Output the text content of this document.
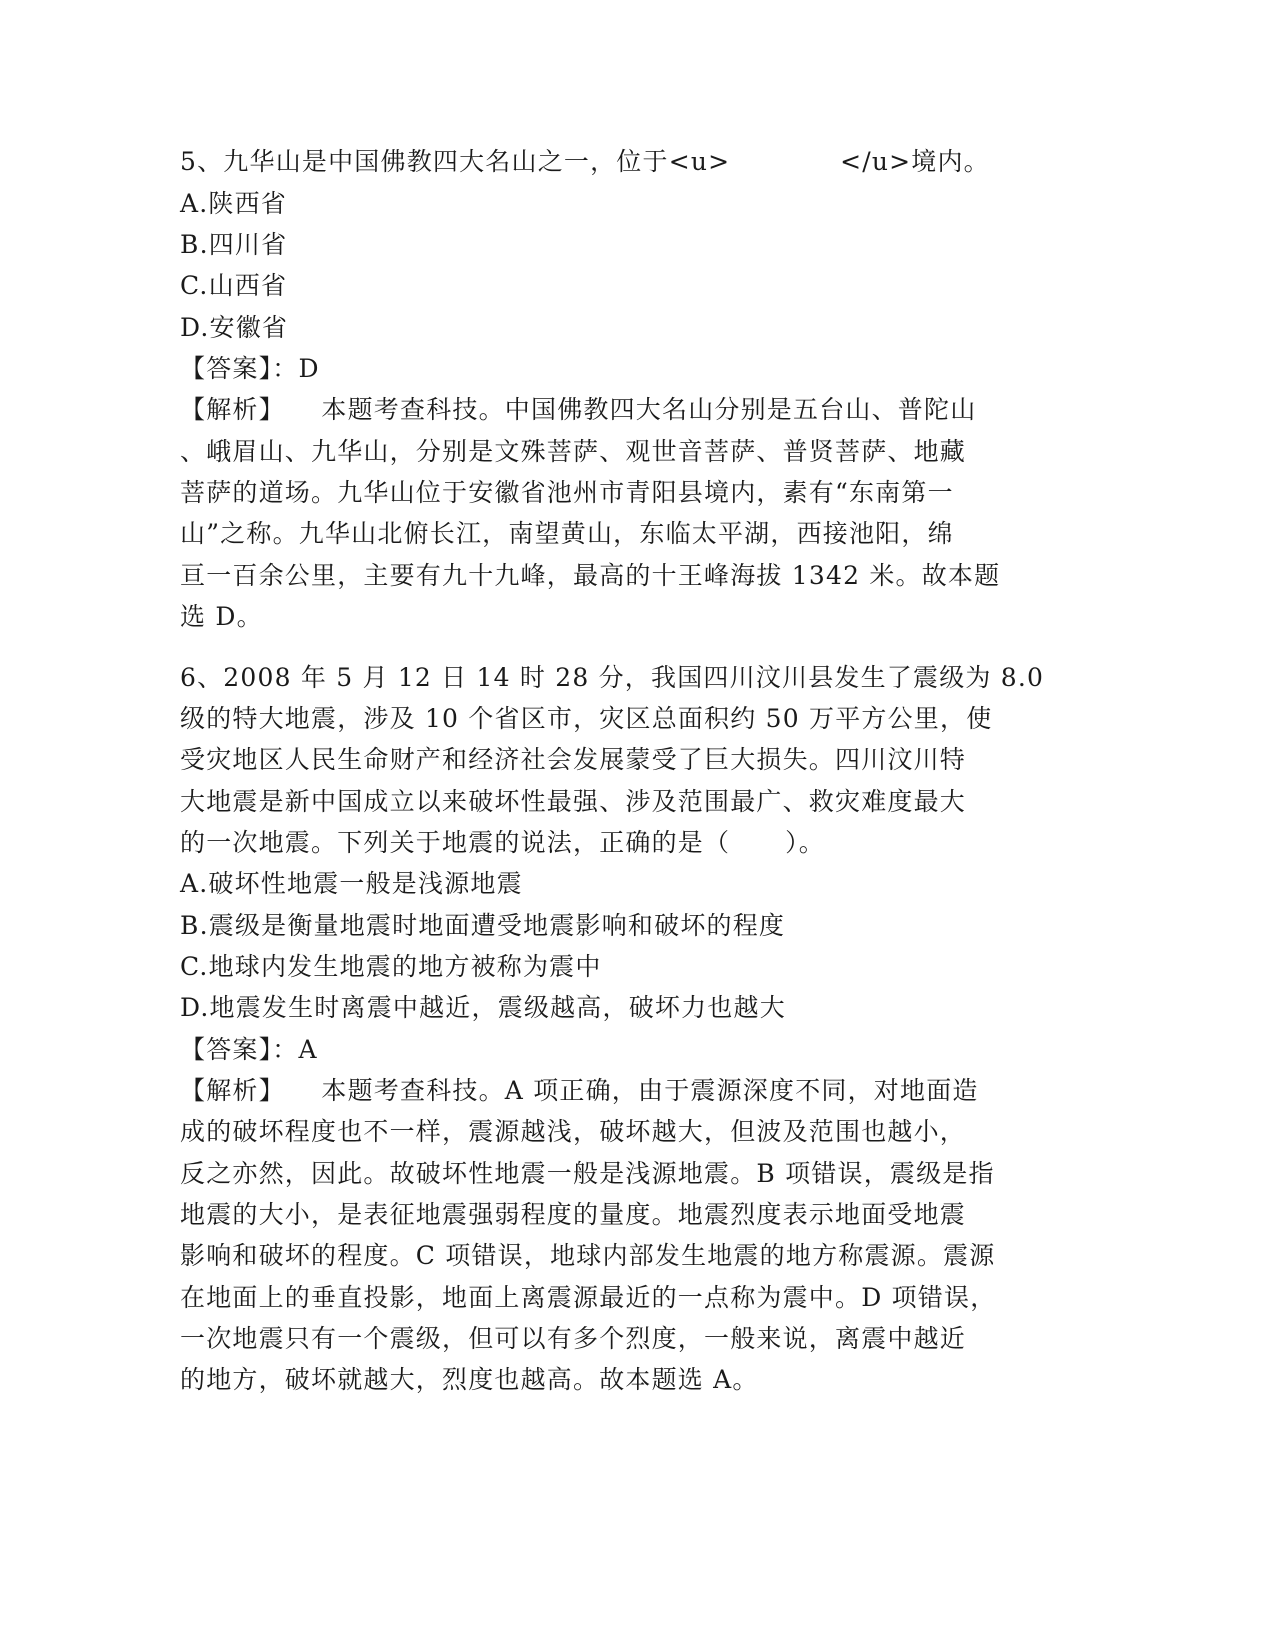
5、九华山是中国佛教四大名山之一，位于<u>            </u>境内。
A.陕西省
B.四川省
C.山西省
D.安徽省
【答案】：D
【解析】    本题考查科技。中国佛教四大名山分别是五台山、普陀山
、峨眉山、九华山，分别是文殊菩萨、观世音菩萨、普贤菩萨、地藏
菩萨的道场。九华山位于安徽省池州市青阳县境内，素有“东南第一
山”之称。九华山北俯长江，南望黄山，东临太平湖，西接池阳，绵
亘一百余公里，主要有九十九峰，最高的十王峰海拔 1342 米。故本题
选 D。
6、2008 年 5 月 12 日 14 时 28 分，我国四川汶川县发生了震级为 8.0
级的特大地震，涉及 10 个省区市，灾区总面积约 50 万平方公里，使
受灾地区人民生命财产和经济社会发展蒙受了巨大损失。四川汶川特
大地震是新中国成立以来破坏性最强、涉及范围最广、救灾难度最大
的一次地震。下列关于地震的说法，正确的是（      ）。
A.破坏性地震一般是浅源地震
B.震级是衡量地震时地面遭受地震影响和破坏的程度
C.地球内发生地震的地方被称为震中
D.地震发生时离震中越近，震级越高，破坏力也越大
【答案】：A
【解析】    本题考查科技。A 项正确，由于震源深度不同，对地面造
成的破坏程度也不一样，震源越浅，破坏越大，但波及范围也越小，
反之亦然，因此。故破坏性地震一般是浅源地震。B 项错误，震级是指
地震的大小，是表征地震强弱程度的量度。地震烈度表示地面受地震
影响和破坏的程度。C 项错误，地球内部发生地震的地方称震源。震源
在地面上的垂直投影，地面上离震源最近的一点称为震中。D 项错误，
一次地震只有一个震级，但可以有多个烈度，一般来说，离震中越近
的地方，破坏就越大，烈度也越高。故本题选 A。
